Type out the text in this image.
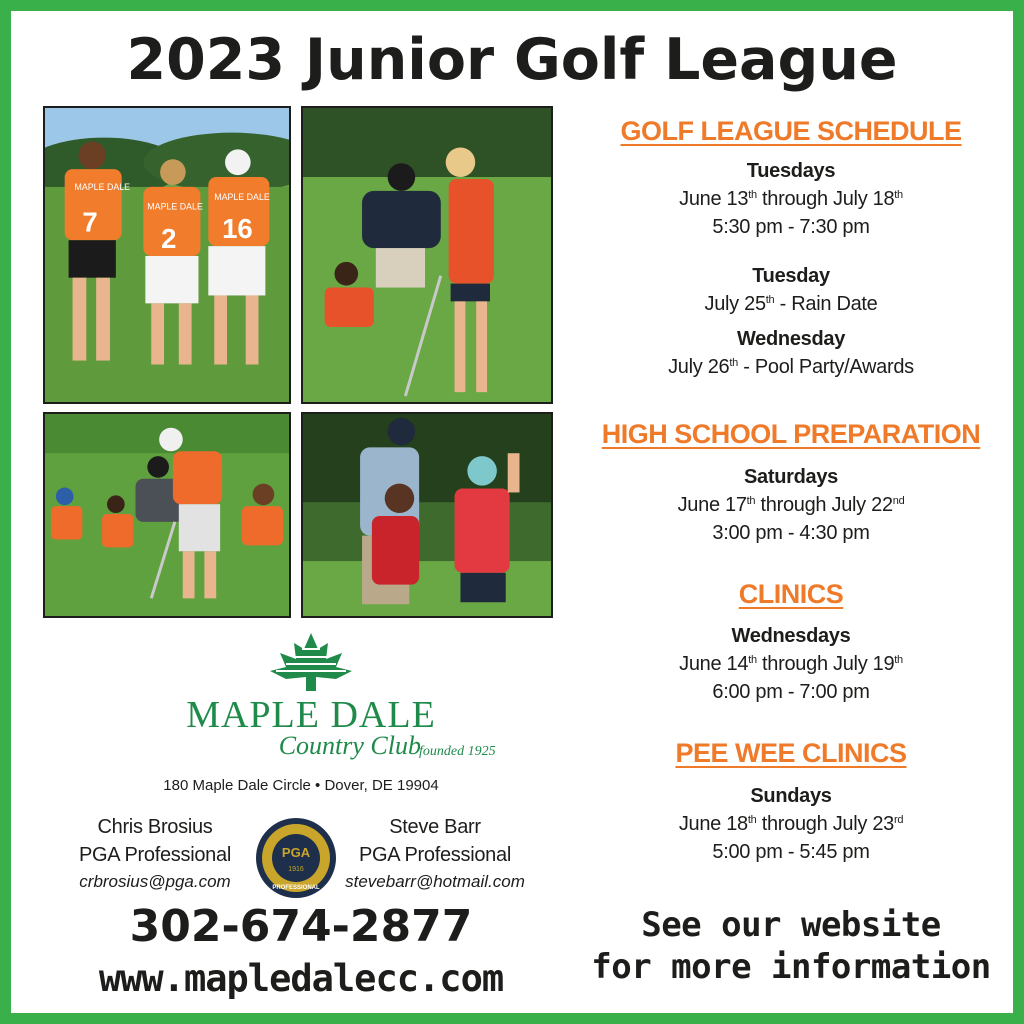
2023 Junior Golf League
MAPLE DALE
MAPLE DALE
MAPLE DALE
7
2 16
GOLF LEAGUE SCHEDULE
Tuesdays
June 13th through July 18th
5:30 pm - 7:30 pm
Tuesday
July 25th - Rain Date
Wednesday
July 26th - Pool Party/Awards
HIGH SCHOOL PREPARATION
Saturdays
June 17th through July 22nd
3:00 pm - 4:30 pm
CLINICS
Wednesdays
June 14th through July 19th
6:00 pm - 7:00 pm
PEE WEE CLINICS
Sundays
June 18th through July 23rd
5:00 pm - 5:45 pm
MAPLE DALE
Country Club
founded 1925
180 Maple Dale Circle • Dover, DE 19904
Chris Brosius
PGA Professional
crbrosius@pga.com
PGA
1916
PROFESSIONAL
Steve Barr
PGA Professional
stevebarr@hotmail.com
302-674-2877
www.mapledalecc.com
See our website
for more information
